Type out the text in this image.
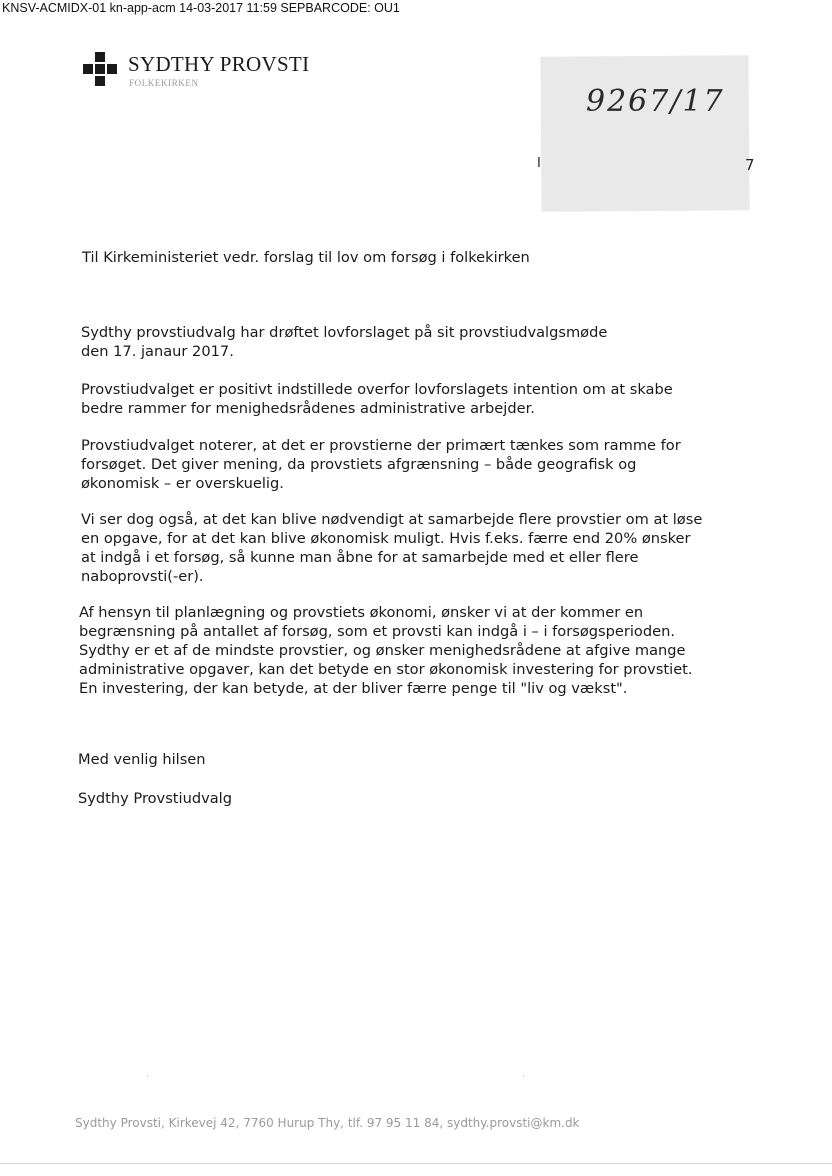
KNSV-ACMIDX-01 kn-app-acm 14-03-2017 11:59 SEPBARCODE: OU1
SYDTHY PROVSTI
FOLKEKIRKEN
9267/17
I	7
Til Kirkeministeriet vedr. forslag til lov om forsøg i folkekirken
Sydthy provstiudvalg har drøftet lovforslaget på sit provstiudvalgsmøde
den 17. janaur 2017.
Provstiudvalget er positivt indstillede overfor lovforslagets intention om at skabe
bedre rammer for menighedsrådenes administrative arbejder.
Provstiudvalget noterer, at det er provstierne der primært tænkes som ramme for
forsøget. Det giver mening, da provstiets afgrænsning – både geografisk og
økonomisk – er overskuelig.
Vi ser dog også, at det kan blive nødvendigt at samarbejde flere provstier om at løse
en opgave, for at det kan blive økonomisk muligt. Hvis f.eks. færre end 20% ønsker
at indgå i et forsøg, så kunne man åbne for at samarbejde med et eller flere
naboprovsti(-er).
Af hensyn til planlægning og provstiets økonomi, ønsker vi at der kommer en
begrænsning på antallet af forsøg, som et provsti kan indgå i – i forsøgsperioden.
Sydthy er et af de mindste provstier, og ønsker menighedsrådene at afgive mange
administrative opgaver, kan det betyde en stor økonomisk investering for provstiet.
En investering, der kan betyde, at der bliver færre penge til "liv og vækst".
Med venlig hilsen
Sydthy Provstiudvalg
Sydthy Provsti, Kirkevej 42, 7760 Hurup Thy, tlf. 97 95 11 84, sydthy.provsti@km.dk
